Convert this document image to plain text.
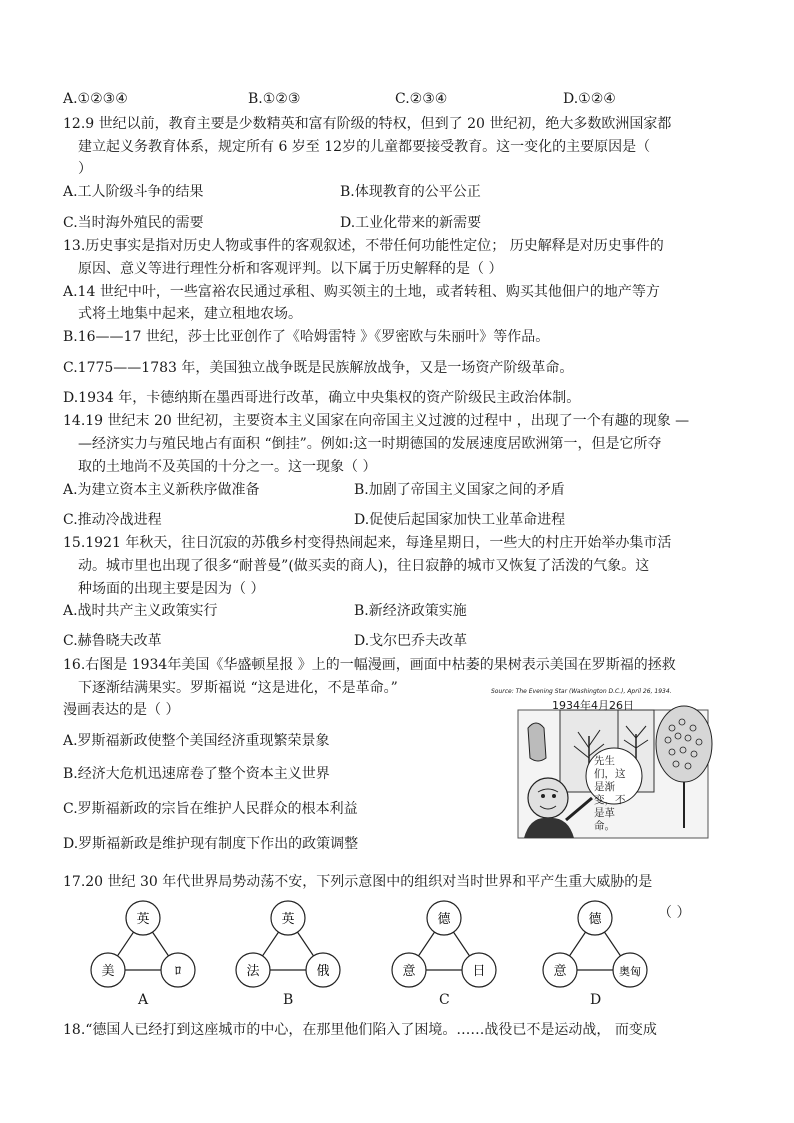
A.①②③④	B.①②③	C.②③④	D.①②④
12.9 世纪以前，教育主要是少数精英和富有阶级的特权，但到了 20 世纪初，绝大多数欧洲国家都
建立起义务教育体系，规定所有 6 岁至 12岁的儿童都要接受教育。这一变化的主要原因是（
）
A.工人阶级斗争的结果	B.体现教育的公平公正
C.当时海外殖民的需要	D.工业化带来的新需要
13.历史事实是指对历史人物或事件的客观叙述，不带任何功能性定位； 历史解释是对历史事件的
原因、意义等进行理性分析和客观评判。以下属于历史解释的是（ ）
A.14 世纪中叶，一些富裕农民通过承租、购买领主的土地，或者转租、购买其他佃户的地产等方
式将土地集中起来，建立租地农场。
B.16——17 世纪，莎士比亚创作了《哈姆雷特 》《罗密欧与朱丽叶》等作品。
C.1775——1783 年，美国独立战争既是民族解放战争，又是一场资产阶级革命。
D.1934 年，卡德纳斯在墨西哥进行改革，确立中央集权的资产阶级民主政治体制。
14.19 世纪末 20 世纪初，主要资本主义国家在向帝国主义过渡的过程中 ，出现了一个有趣的现象 —
—经济实力与殖民地占有面积 “倒挂”。例如:这一时期德国的发展速度居欧洲第一，但是它所夺
取的土地尚不及英国的十分之一。这一现象（ ）
A.为建立资本主义新秩序做准备	B.加剧了帝国主义国家之间的矛盾
C.推动冷战进程	D.促使后起国家加快工业革命进程
15.1921 年秋天，往日沉寂的苏俄乡村变得热闹起来，每逢星期日，一些大的村庄开始举办集市活
动。城市里也出现了很多“耐普曼”(做买卖的商人)，往日寂静的城市又恢复了活泼的气象。这
种场面的出现主要是因为（ ）
A.战时共产主义政策实行	B.新经济政策实施
C.赫鲁晓夫改革	D.戈尔巴乔夫改革
16.右图是 1934年美国《华盛顿星报 》上的一幅漫画，画面中枯萎的果树表示美国在罗斯福的拯救
下逐渐结满果实。罗斯福说 “这是进化，不是革命。”
漫画表达的是（ ）
A.罗斯福新政使整个美国经济重现繁荣景象
B.经济大危机迅速席卷了整个资本主义世界
C.罗斯福新政的宗旨在维护人民群众的根本利益
D.罗斯福新政是维护现有制度下作出的政策调整
Source: The Evening Star (Washington D.C.), April 26, 1934.
1934年4月26日
先生们，这是渐变，不是革命。
17.20 世纪 30 年代世界局势动荡不安，下列示意图中的组织对当时世界和平产生重大威胁的是
（ ）
英
美	ﾛ
A
英
法	俄
B
德
意	日
C
德
意	奥匈
D
18.“德国人已经打到这座城市的中心，在那里他们陷入了困境。……战役已不是运动战， 而变成
